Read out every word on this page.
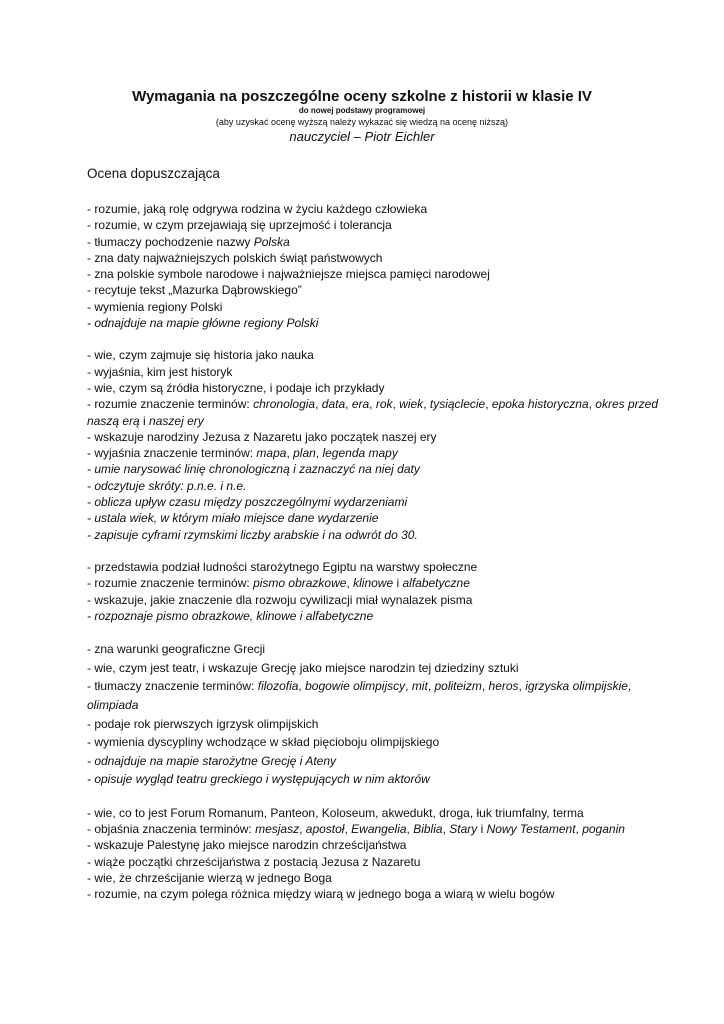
Wymagania na poszczególne oceny szkolne z historii w klasie IV
do nowej podstawy programowej
(aby uzyskać ocenę wyższą należy wykazać się wiedzą na ocenę niższą)
nauczyciel – Piotr Eichler
Ocena dopuszczająca
- rozumie, jaką rolę odgrywa rodzina w życiu każdego człowieka
- rozumie, w czym przejawiają się uprzejmość i tolerancja
- tłumaczy pochodzenie nazwy Polska
- zna daty najważniejszych polskich świąt państwowych
- zna polskie symbole narodowe i najważniejsze miejsca pamięci narodowej
- recytuje tekst „Mazurka Dąbrowskiego”
- wymienia regiony Polski
- odnajduje na mapie główne regiony Polski
- wie, czym zajmuje się historia jako nauka
- wyjaśnia, kim jest historyk
- wie, czym są źródła historyczne, i podaje ich przykłady
- rozumie znaczenie terminów: chronologia, data, era, rok, wiek, tysiąclecie, epoka historyczna, okres przed naszą erą i naszej ery
- wskazuje narodziny Jezusa z Nazaretu jako początek naszej ery
- wyjaśnia znaczenie terminów: mapa, plan, legenda mapy
- umie narysować linię chronologiczną i zaznaczyć na niej daty
- odczytuje skróty: p.n.e. i n.e.
- oblicza upływ czasu między poszczególnymi wydarzeniami
- ustala wiek, w którym miało miejsce dane wydarzenie
- zapisuje cyframi rzymskimi liczby arabskie i na odwrót do 30.
- przedstawia podział ludności starożytnego Egiptu na warstwy społeczne
- rozumie znaczenie terminów: pismo obrazkowe, klinowe i alfabetyczne
- wskazuje, jakie znaczenie dla rozwoju cywilizacji miał wynalazek pisma
- rozpoznaje pismo obrazkowe, klinowe i alfabetyczne
- zna warunki geograficzne Grecji
- wie, czym jest teatr, i wskazuje Grecję jako miejsce narodzin tej dziedziny sztuki
- tłumaczy znaczenie terminów: filozofia, bogowie olimpijscy, mit, politeizm, heros, igrzyska olimpijskie, olimpiada
- podaje rok pierwszych igrzysk olimpijskich
- wymienia dyscypliny wchodzące w skład pięcioboju olimpijskiego
- odnajduje na mapie starożytne Grecję i Ateny
- opisuje wygląd teatru greckiego i występujących w nim aktorów
- wie, co to jest Forum Romanum, Panteon, Koloseum, akwedukt, droga, łuk triumfalny, terma
- objaśnia znaczenia terminów: mesjasz, apostoł, Ewangelia, Biblia, Stary i Nowy Testament, poganin
- wskazuje Palestynę jako miejsce narodzin chrześcijaństwa
- wiąże początki chrześcijaństwa z postacią Jezusa z Nazaretu
- wie, że chrześcijanie wierzą w jednego Boga
- rozumie, na czym polega różnica między wiarą w jednego boga a wiarą w wielu bogów
